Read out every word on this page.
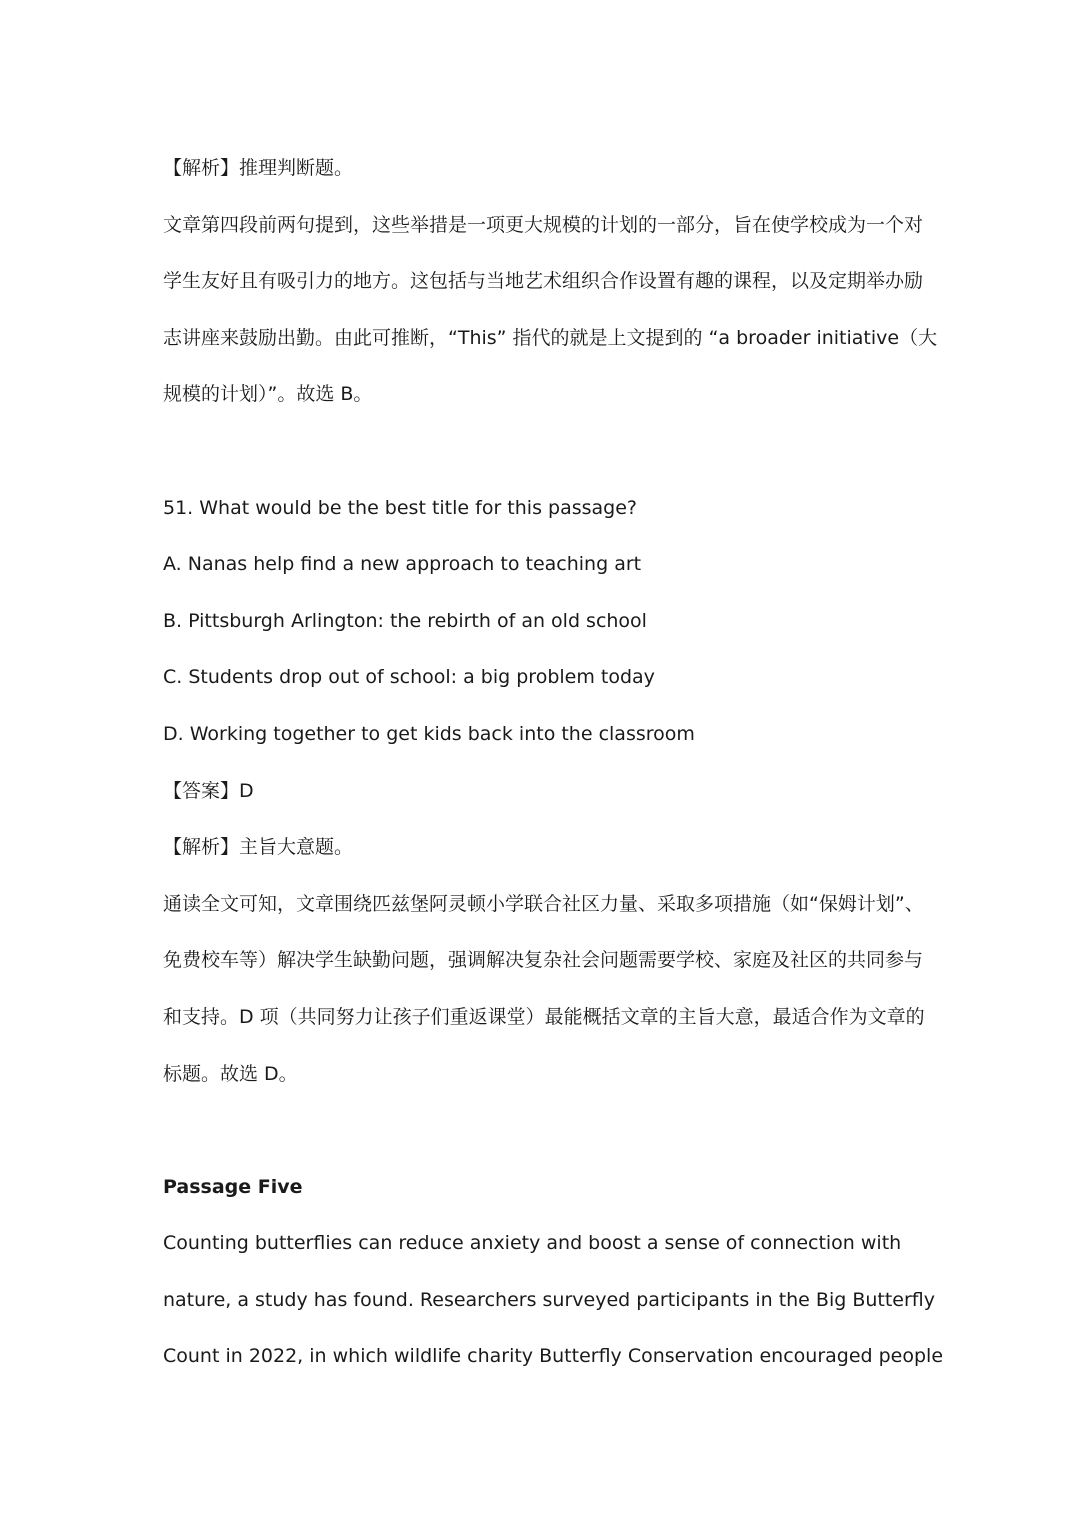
【解析】推理判断题。

文章第四段前两句提到，这些举措是一项更大规模的计划的一部分，旨在使学校成为一个对

学生友好且有吸引力的地方。这包括与当地艺术组织合作设置有趣的课程，以及定期举办励

志讲座来鼓励出勤。由此可推断，“This” 指代的就是上文提到的 “a broader initiative（大

规模的计划）”。故选 B。

51. What would be the best title for this passage?

A. Nanas help find a new approach to teaching art

B. Pittsburgh Arlington: the rebirth of an old school

C. Students drop out of school: a big problem today

D. Working together to get kids back into the classroom

【答案】D

【解析】主旨大意题。

通读全文可知，文章围绕匹兹堡阿灵顿小学联合社区力量、采取多项措施（如“保姆计划”、

免费校车等）解决学生缺勤问题，强调解决复杂社会问题需要学校、家庭及社区的共同参与

和支持。D 项（共同努力让孩子们重返课堂）最能概括文章的主旨大意，最适合作为文章的

标题。故选 D。

Passage Five

Counting butterflies can reduce anxiety and boost a sense of connection with

nature, a study has found. Researchers surveyed participants in the Big Butterfly

Count in 2022, in which wildlife charity Butterfly Conservation encouraged people
